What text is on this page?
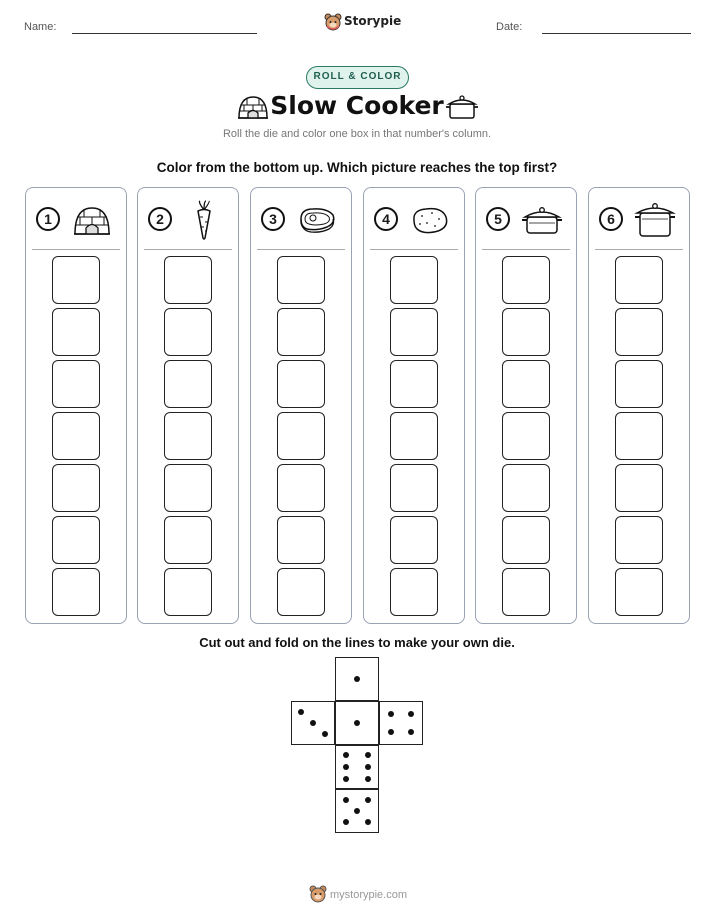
Name:	Storypie	Date:
ROLL & COLOR
Slow Cooker
Roll the die and color one box in that number's column.
Color from the bottom up. Which picture reaches the top first?
1	2	3	4	5	6
Cut out and fold on the lines to make your own die.
mystorypie.com
